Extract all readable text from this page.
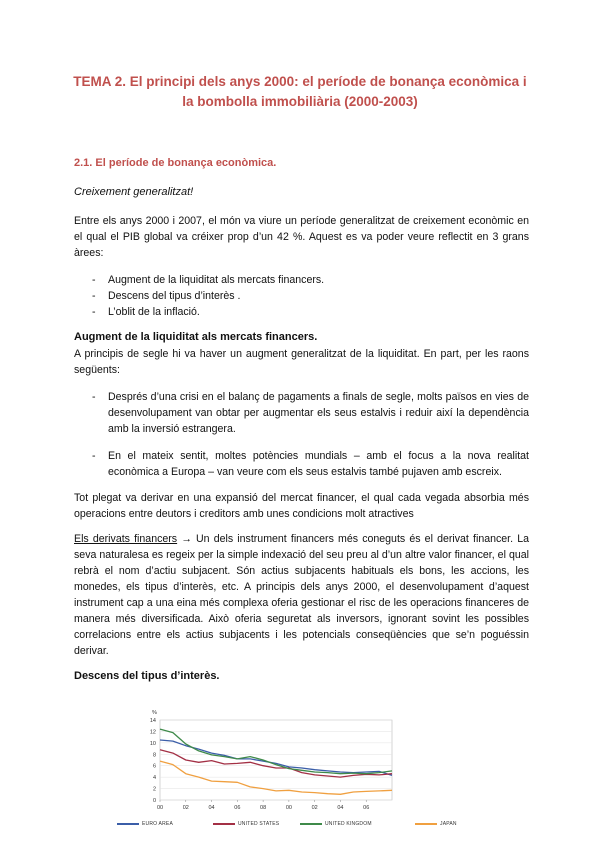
TEMA 2. El principi dels anys 2000: el període de bonança econòmica i
la bombolla immobiliària (2000-2003)
2.1. El període de bonança econòmica.
Creixement generalitzat!

Entre els anys 2000 i 2007, el món va viure un període generalitzat de creixement econòmic en el qual el PIB global va créixer prop d’un 42 %. Aquest es va poder veure reflectit en 3 grans àrees:

- Augment de la liquiditat als mercats financers.
- Descens del tipus d’interès .
- L’oblit de la inflació.
Augment de la liquiditat als mercats financers.

A principis de segle hi va haver un augment generalitzat de la liquiditat. En part, per les raons següents:

- Després d’una crisi en el balanç de pagaments a finals de segle, molts països en vies de desenvolupament van obtar per augmentar els seus estalvis i reduir així la dependència amb la inversió estrangera.
- En el mateix sentit, moltes potències mundials – amb el focus a la nova realitat econòmica a Europa – van veure com els seus estalvis també pujaven amb escreix.

Tot plegat va derivar en una expansió del mercat financer, el qual cada vegada absorbia més operacions entre deutors i creditors amb unes condicions molt atractives

Els derivats financers → Un dels instrument financers més coneguts és el derivat financer. La seva naturalesa es regeix per la simple indexació del seu preu al d’un altre valor financer, el qual rebrà el nom d’actiu subjacent. Són actius subjacents habituals els bons, les accions, les monedes, els tipus d’interès, etc. A principis dels anys 2000, el desenvolupament d’aquest instrument cap a una eina més complexa oferia gestionar el risc de les operacions financeres de manera més diversificada. Això oferia seguretat als inversors, ignorant sovint les possibles correlacions entre els actius subjacents i les potencials conseqüències que se’n poguéssin derivar.

Descens del tipus d’interès.
0
2
4
6
8
10
12
14
%
00	02	04	06	08	00	02	04	06
EURO AREA	UNITED STATES	UNITED KINGDOM	JAPAN
